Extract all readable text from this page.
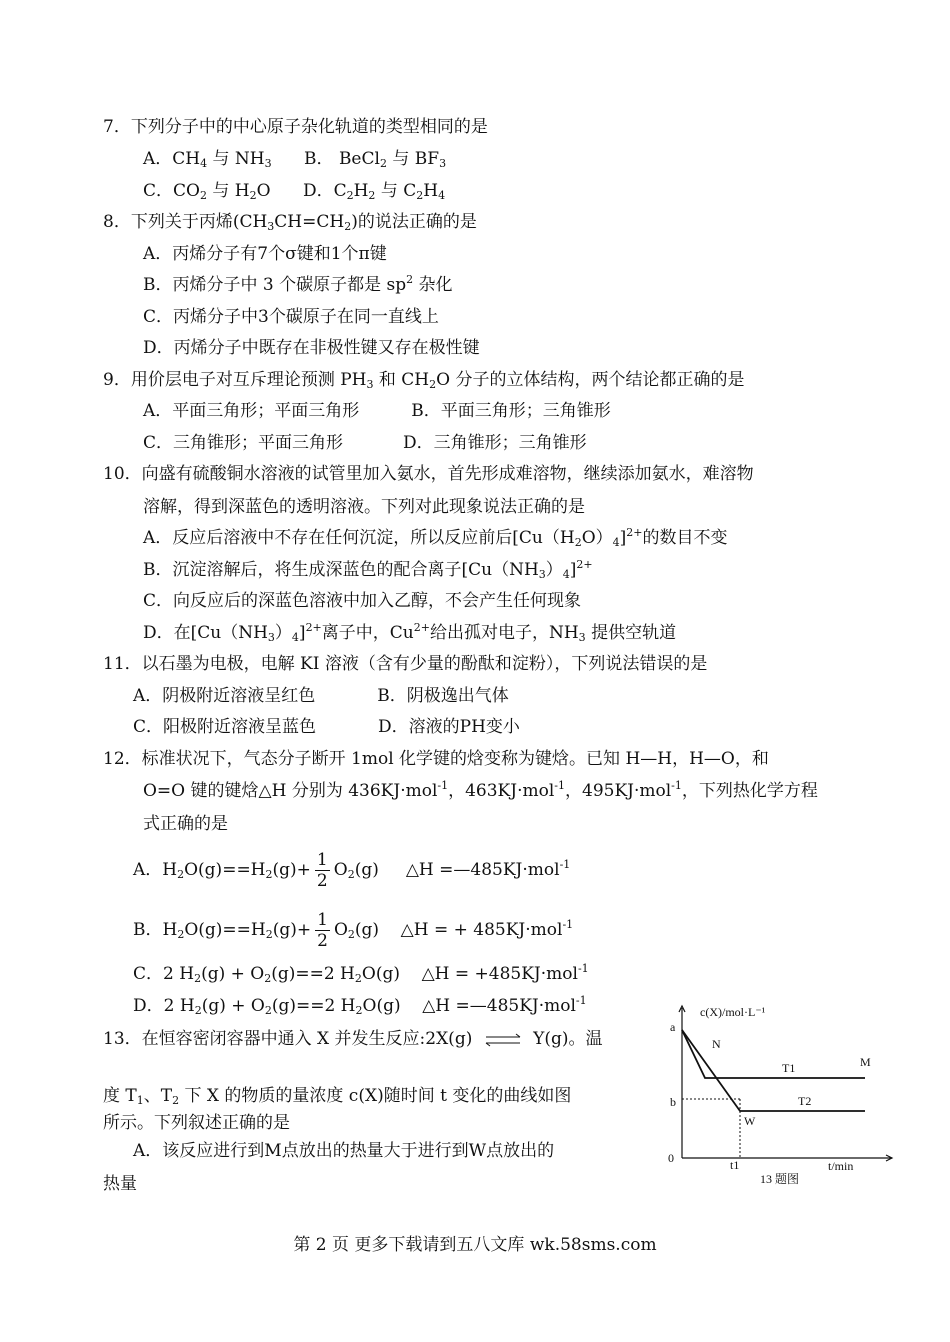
7．下列分子中的中心原子杂化轨道的类型相同的是
A．$CH_4$ 与 $NH_3$      B． BeCl$_2$ 与 $BF_3$
C．$CO_2$ 与 $H_2O$      D．$C_2H_2$ 与 $C_2H_4$
8．下列关于丙烯$(CH_3CH=CH_2)$的说法正确的是
A．丙烯分子有7个σ键和1个π键
B．丙烯分子中 3 个碳原子都是 $sp^2$ 杂化
C．丙烯分子中3个碳原子在同一直线上
D．丙烯分子中既存在非极性键又存在极性键
9．用价层电子对互斥理论预测 $PH_3$ 和 $CH_2O$ 分子的立体结构，两个结论都正确的是
A．平面三角形；平面三角形	B．平面三角形；三角锥形
C．三角锥形；平面三角形	D．三角锥形；三角锥形
10．向盛有硫酸铜水溶液的试管里加入氨水，首先形成难溶物，继续添加氨水，难溶物
溶解，得到深蓝色的透明溶液。下列对此现象说法正确的是
A．反应后溶液中不存在任何沉淀，所以反应前后$[Cu(H_2O)_4]^{2+}$的数目不变
B．沉淀溶解后，将生成深蓝色的配合离子$[Cu(NH_3)_4]^{2+}$
C．向反应后的深蓝色溶液中加入乙醇，不会产生任何现象
D．在$[Cu(NH_3)_4]^{2+}$离子中，$Cu^{2+}$给出孤对电子，$NH_3$ 提供空轨道
11．以石墨为电极，电解 KI 溶液（含有少量的酚酞和淀粉），下列说法错误的是
A．阴极附近溶液呈红色	B．阴极逸出气体
C．阳极附近溶液呈蓝色	D．溶液的PH变小
12．标准状况下，气态分子断开 1mol 化学键的焓变称为键焓。已知 H—H，H—O，和
O=O 键的键焓△H 分别为 436KJ·mol$^{-1}$，463KJ·mol$^{-1}$，495KJ·mol$^{-1}$，下列热化学方程
式正确的是
A．$H_2O(g)==H_2(g)+ \frac{1}{2} O_2(g)$     △H =—485KJ·mol$^{-1}$
B．$H_2O(g)==H_2(g)+ \frac{1}{2} O_2(g)$    △H = + 485KJ·mol$^{-1}$
C．2 $H_2(g) + O_2(g)==2$ $H_2O(g)$    △H = +485KJ·mol$^{-1}$
D．2 $H_2(g) + O_2(g)==2$ $H_2O(g)$    △H =—485KJ·mol$^{-1}$
13．在恒容密闭容器中通入 X 并发生反应:2X(g) ⇌ Y(g)。温
度 $T_1$、$T_2$ 下 X 的物质的量浓度 c(X)随时间 t 变化的曲线如图
所示。下列叙述正确的是
A．该反应进行到M点放出的热量大于进行到W点放出的
热量
c(X)/mol·L⁻¹
t/min
0
a
b
t1
N
M
W
T1
T2
13 题图
第 2 页 更多下载请到五八文库 wk.58sms.com
